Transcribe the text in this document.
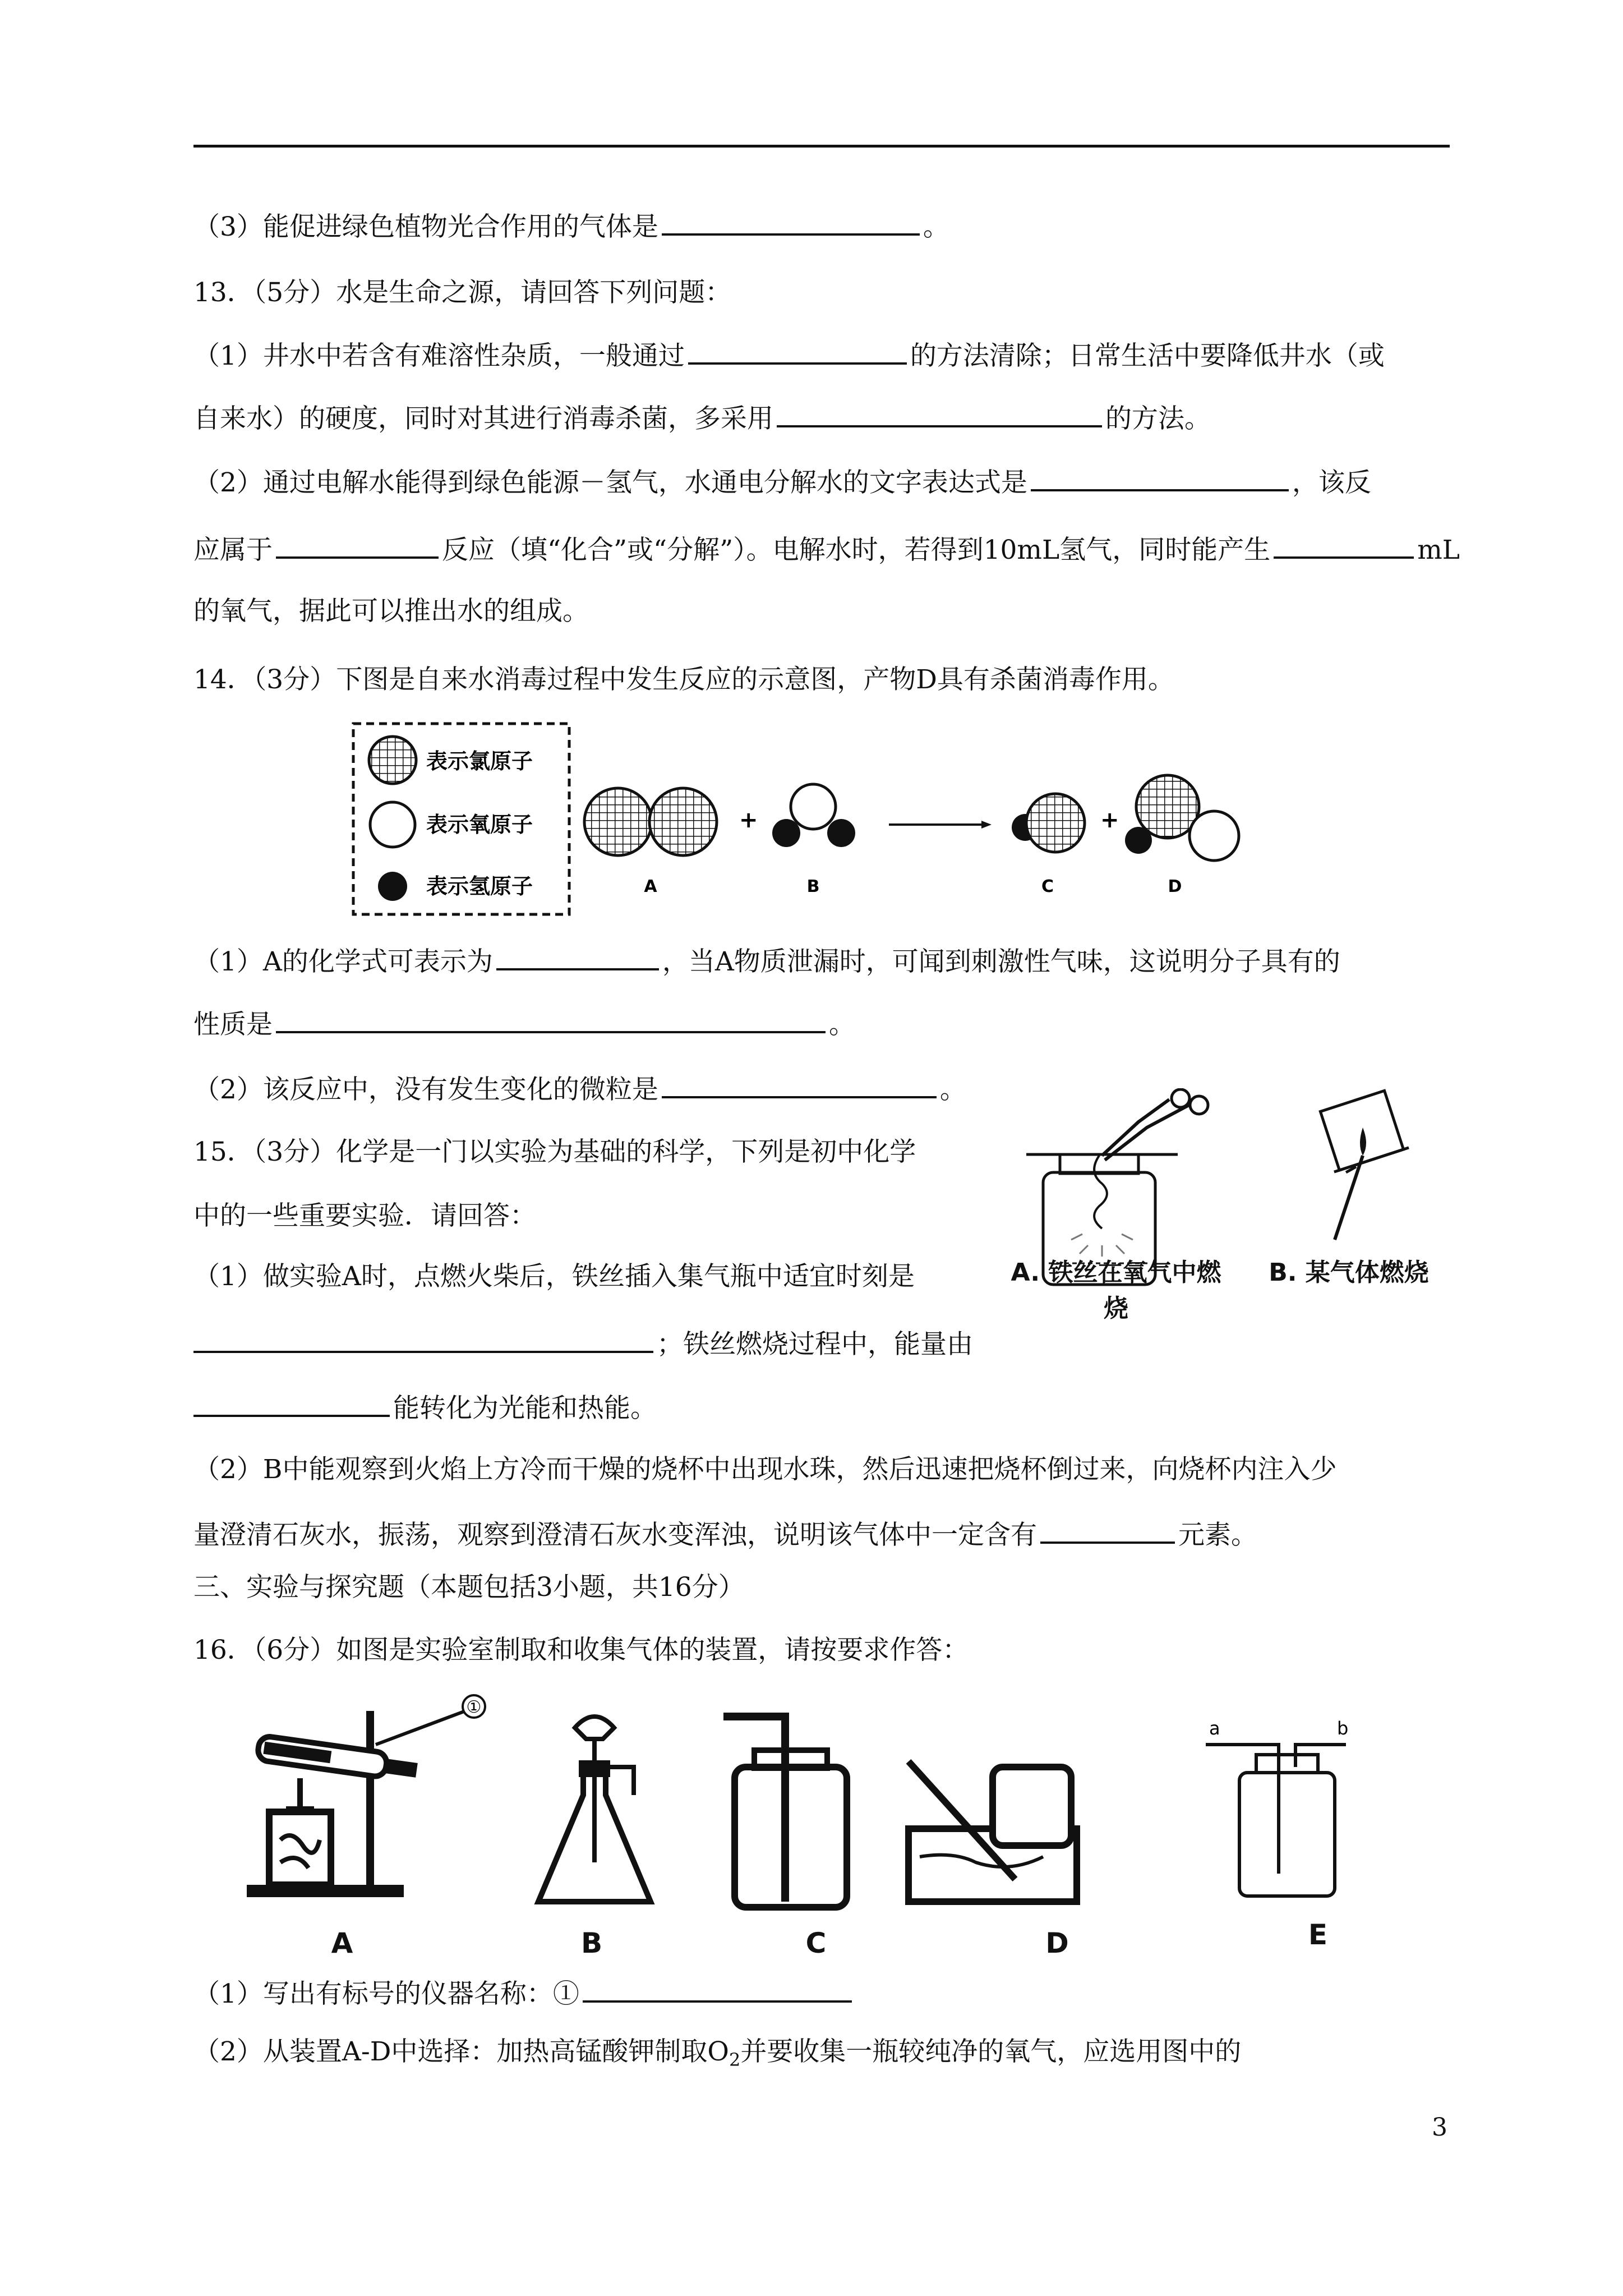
（3）能促进绿色植物光合作用的气体是	。
13．（5分）水是生命之源，请回答下列问题：
（1）井水中若含有难溶性杂质，一般通过	的方法清除；日常生活中要降低井水（或
自来水）的硬度，同时对其进行消毒杀菌，多采用	的方法。
（2）通过电解水能得到绿色能源－氢气，水通电分解水的文字表达式是	，该反
应属于	反应（填“化合”或“分解”）。电解水时，若得到10mL氢气，同时能产生	mL
的氧气，据此可以推出水的组成。
14．（3分）下图是自来水消毒过程中发生反应的示意图，产物D具有杀菌消毒作用。
表示氯原子
表示氧原子
表示氢原子
+	+
A	B	C	D
（1）A的化学式可表示为	，当A物质泄漏时，可闻到刺激性气味，这说明分子具有的
性质是	。
（2）该反应中，没有发生变化的微粒是	。
15．（3分）化学是一门以实验为基础的科学，下列是初中化学
中的一些重要实验．请回答：
（1）做实验A时，点燃火柴后，铁丝插入集气瓶中适宜时刻是
；铁丝燃烧过程中，能量由
能转化为光能和热能。
A. 铁丝在氧气中燃烧
B. 某气体燃烧
（2）B中能观察到火焰上方冷而干燥的烧杯中出现水珠，然后迅速把烧杯倒过来，向烧杯内注入少
量澄清石灰水，振荡，观察到澄清石灰水变浑浊，说明该气体中一定含有	元素。
三、实验与探究题（本题包括3小题，共16分）
16．（6分）如图是实验室制取和收集气体的装置，请按要求作答：
①
a	b
A	B	C	D	E
（1）写出有标号的仪器名称：①
（2）从装置A-D中选择：加热高锰酸钾制取$O_2$并要收集一瓶较纯净的氧气，应选用图中的
3
